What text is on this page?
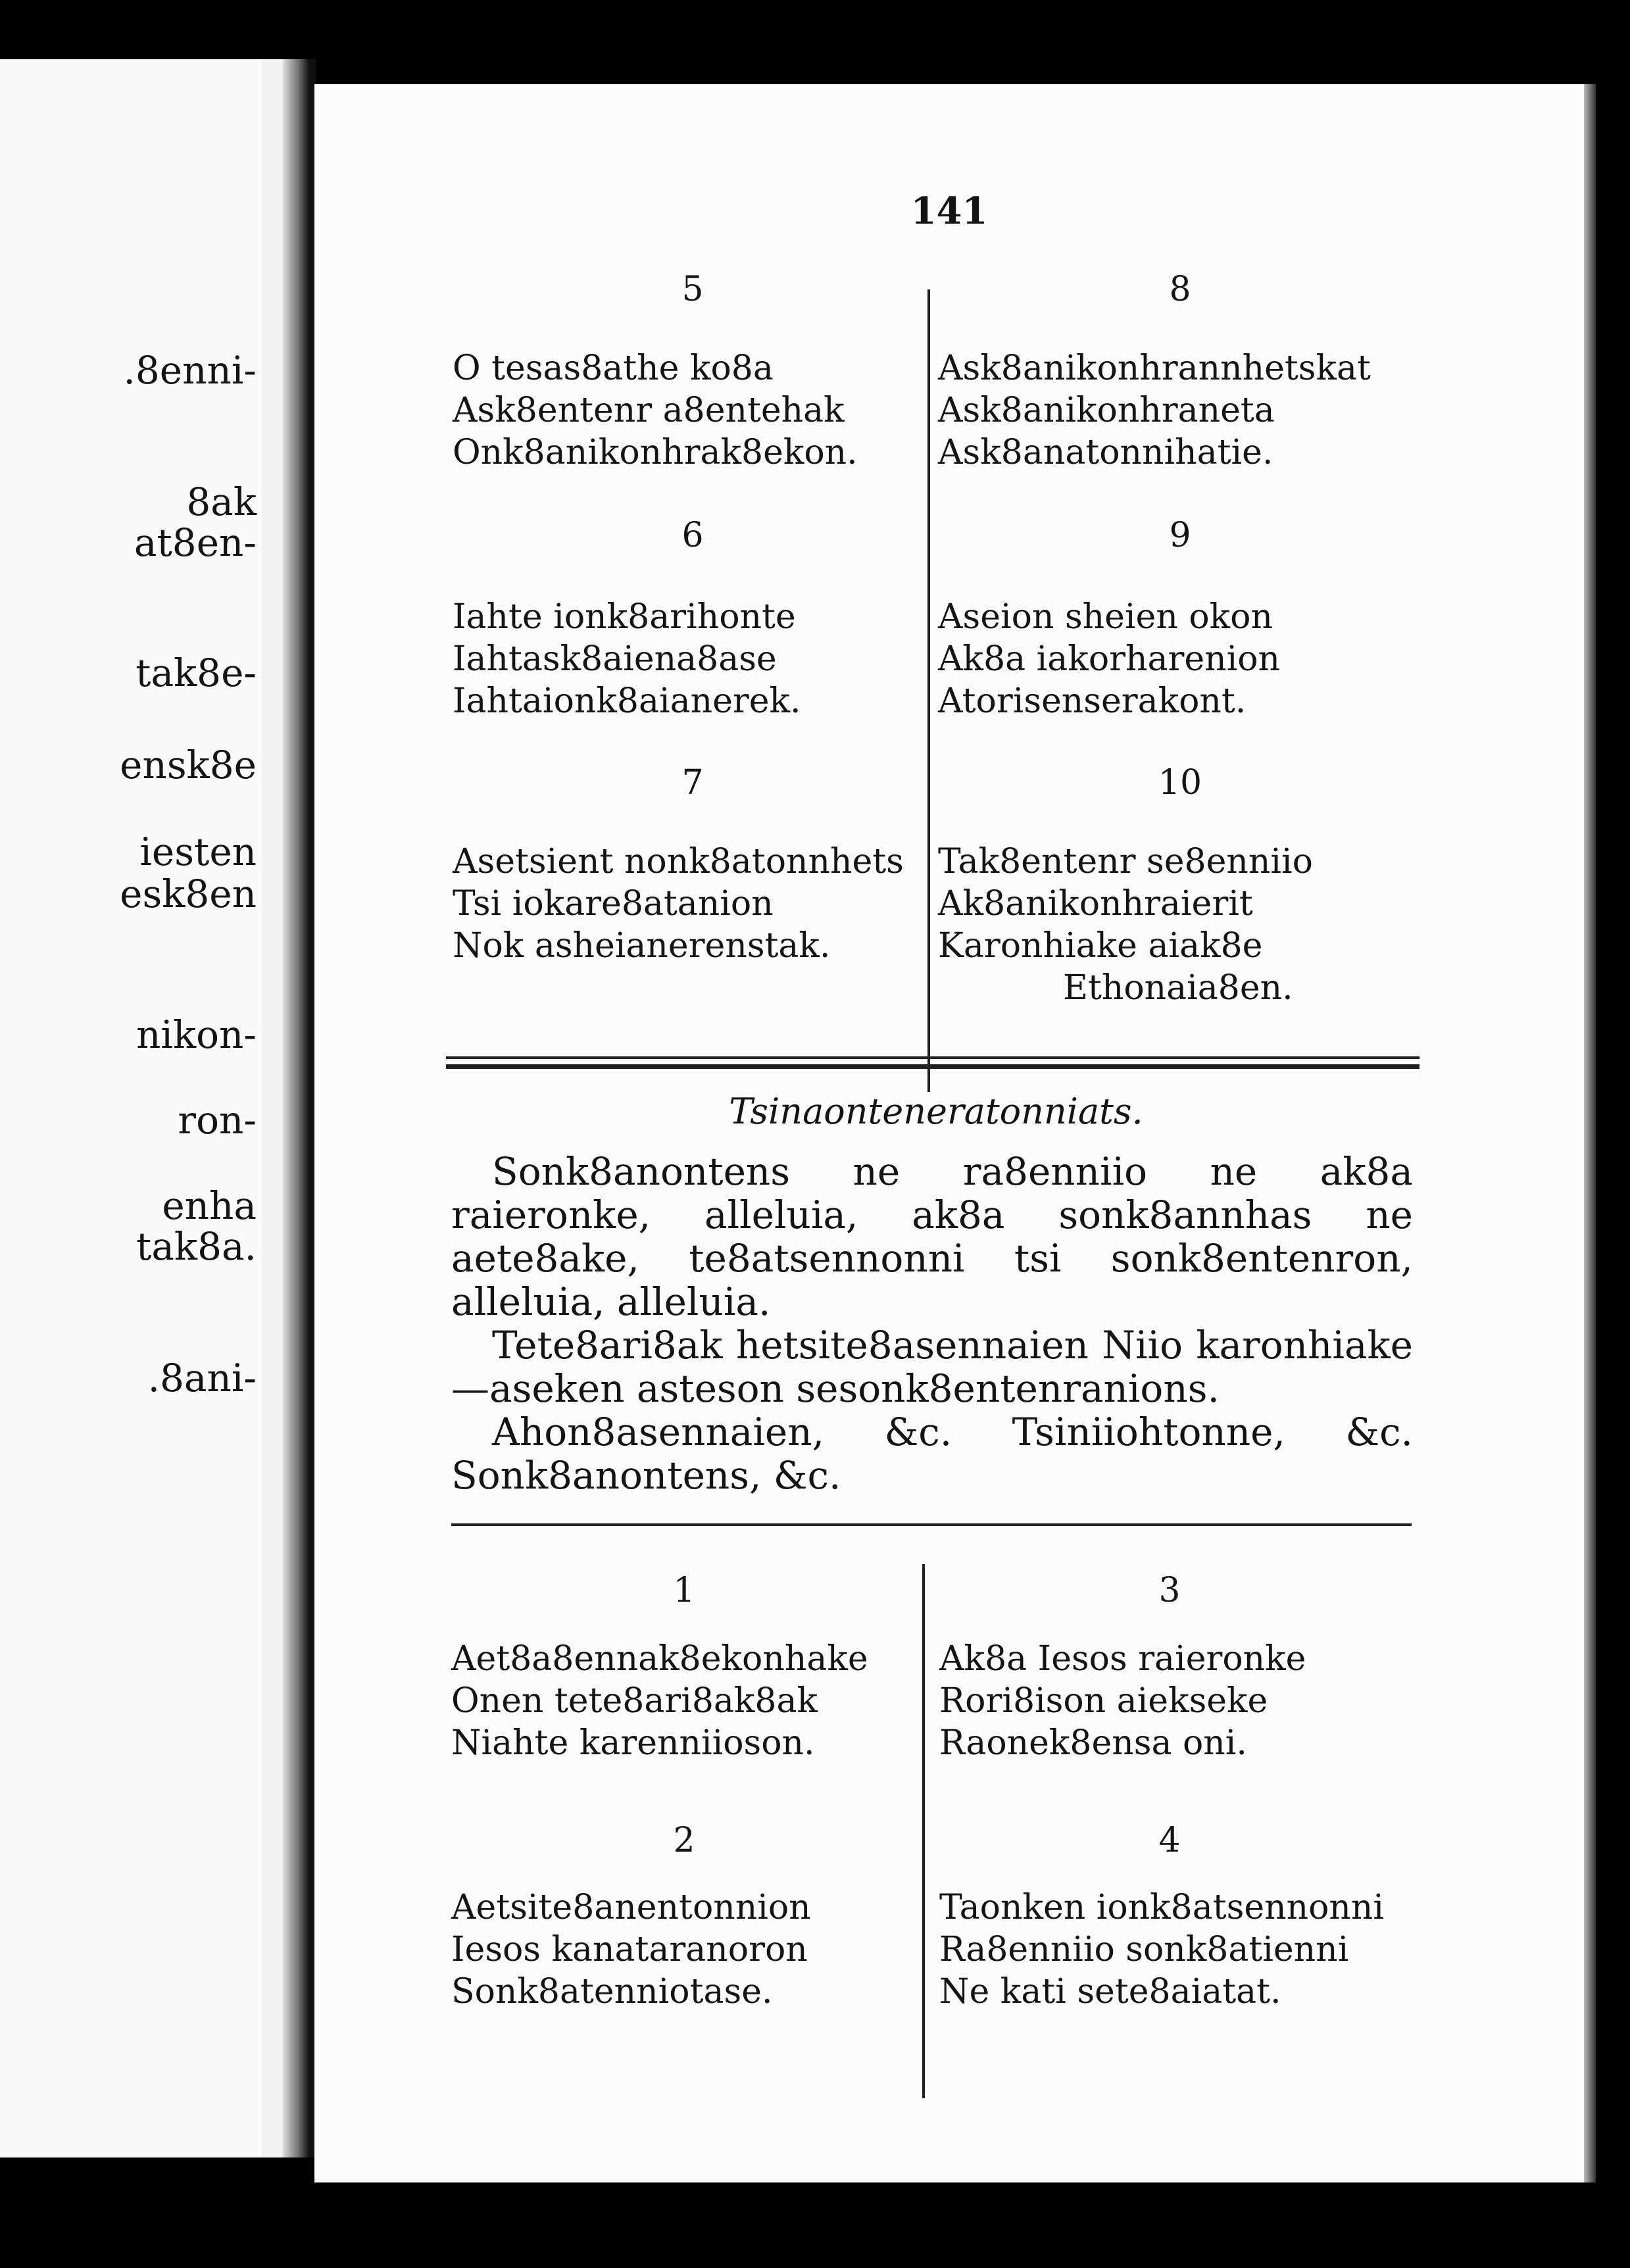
.8enni-
8ak
at8en-
tak8e-
ensk8e
iesten
esk8en
nikon-
ron-
enha
tak8a.
.8ani-
141
5
O tesas8athe ko8a
Ask8entenr a8entehak
Onk8anikonhrak8ekon.
6
Iahte ionk8arihonte
Iahtask8aiena8ase
Iahtaionk8aianerek.
7
Asetsient nonk8atonnhets
Tsi iokare8atanion
Nok asheianerenstak.
8
Ask8anikonhrannhetskat
Ask8anikonhraneta
Ask8anatonnihatie.
9
Aseion sheien okon
Ak8a iakorharenion
Atorisenserakont.
10
Tak8entenr se8enniio
Ak8anikonhraierit
Karonhiake aiak8e
Ethonaia8en.
1
Aet8a8ennak8ekonhake
Onen tete8ari8ak8ak
Niahte karenniioson.
2
Aetsite8anentonnion
Iesos kanataranoron
Sonk8atenniotase.
3
Ak8a Iesos raieronke
Rori8ison aiekseke
Raonek8ensa oni.
4
Taonken ionk8atsennonni
Ra8enniio sonk8atienni
Ne kati sete8aiatat.
Tsinaonteneratonniats.

Sonk8anontens ne ra8enniio ne ak8a raieronke, alleluia, ak8a sonk8annhas ne aete8ake, te8atsennonni tsi sonk8entenron, alleluia, alleluia.

Tete8ari8ak hetsite8asennaien Niio karonhiake —aseken asteson sesonk8entenranions.

Ahon8asennaien, &c. Tsiniiohtonne, &c. Sonk8anontens, &c.
